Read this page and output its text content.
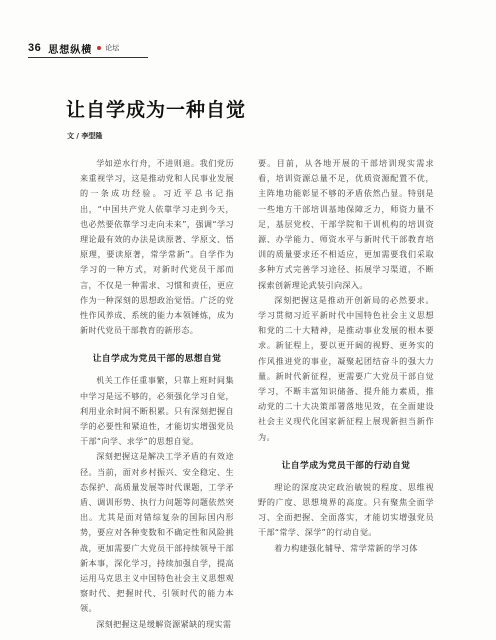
36 思想纵横 论坛
让自学成为一种自觉
文 / 李型隆

学如逆水行舟，不进则退。我们党历来重视学习，这是推动党和人民事业发展的一条成功经验。习近平总书记指出，“中国共产党人依靠学习走到今天，也必然要依靠学习走向未来”，强调“学习理论最有效的办法是读原著、学原文、悟原理，要读原著，常学常新”。自学作为学习的一种方式，对新时代党员干部而言，不仅是一种需求、习惯和责任，更应作为一种深刻的思想政治觉悟。广泛的党性作风养成、系统的能力本领锤炼，成为新时代党员干部教育的新形态。

让自学成为党员干部的思想自觉

机关工作任重事繁，只靠上班时间集中学习是远不够的，必须强化学习自觉，利用业余时间不断积累。只有深刻把握自学的必要性和紧迫性，才能切实增强党员干部“向学、求学”的思想自觉。

深刻把握这是解决工学矛盾的有效途径。当前，面对乡村振兴、安全稳定、生态保护、高质量发展等时代课题，工学矛盾、调训形势、执行力问题等问题依然突出。尤其是面对错综复杂的国际国内形势，要应对各种变数和不确定性和风险挑战，更加需要广大党员干部持续领导干部新本事，深化学习，持续加强自学，提高运用马克思主义中国特色社会主义思想观察时代、把握时代、引领时代的能力本领。

深刻把握这是缓解资源紧缺的现实需

要。目前，从各地开展的干部培训现实需求看，培训资源总量不足，优质资源配置不优，主阵地功能彰显不够的矛盾依然凸显。特别是一些地方干部培训基地保障乏力，师资力量不足，基层党校、干部学院和干训机构的培训资源、办学能力、师资水平与新时代干部教育培训的质量要求还不相适应，更加需要我们采取多种方式完善学习途径、拓展学习渠道，不断探索创新理论武装引向深入。

深刻把握这是推动开创新局的必然要求。学习贯彻习近平新时代中国特色社会主义思想和党的二十大精神，是推动事业发展的根本要求。新征程上，要以更开阔的视野、更务实的作风推进党的事业，凝聚起团结奋斗的强大力量。新时代新征程，更需要广大党员干部自觉学习，不断丰富知识储备、提升能力素质，推动党的二十大决策部署落地见效，在全面建设社会主义现代化国家新征程上展现新担当新作为。

让自学成为党员干部的行动自觉

理论的深度决定政治敏锐的程度、思维视野的广度、思想境界的高度。只有聚焦全面学习、全面把握、全面落实，才能切实增强党员干部“常学、深学”的行动自觉。

着力构建强化辅导、常学常新的学习体
